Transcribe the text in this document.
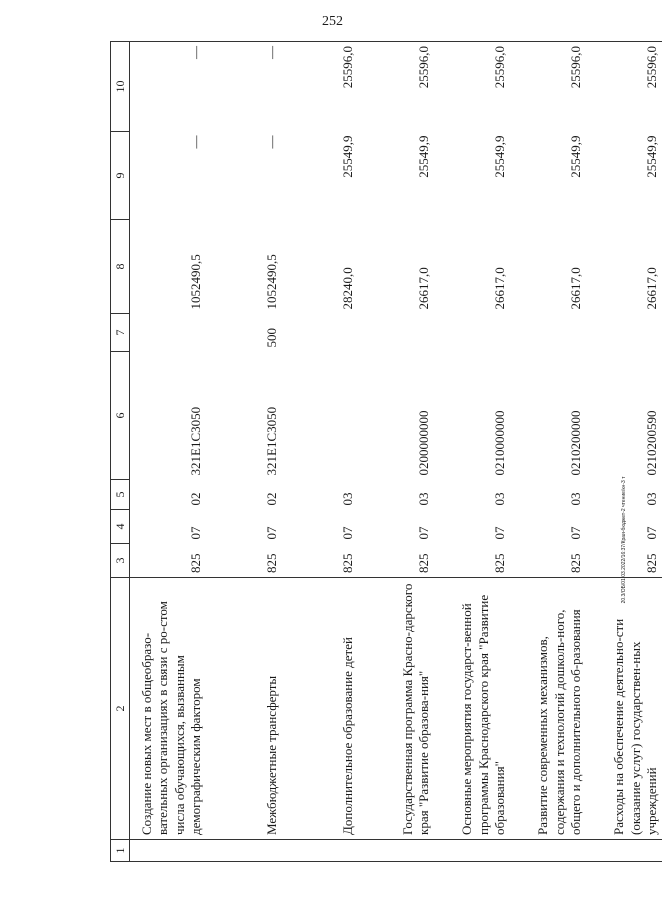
252
20.3/OБ/01.03.2022/16:37/Краи-бюджет-2 чтение/кн-3 т
1	2	3	4	5	6	7	8	9	10
	Создание новых мест в общеобразо-вательных организациях в связи с ро-стом числа обучающихся, вызванным демографическим фактором	825	07	02	321E1С3050		1052490,5	—	—
	Межбюджетные трансферты	825	07	02	321E1С3050	500	1052490,5	—	—
	Дополнительное образование детей	825	07	03			28240,0	25549,9	25596,0
	Государственная программа Красно-дарского края "Развитие образова-ния"	825	07	03	0200000000		26617,0	25549,9	25596,0
	Основные мероприятия государст-венной программы Краснодарского края "Развитие образования"	825	07	03	0210000000		26617,0	25549,9	25596,0
	Развитие современных механизмов, содержания и технологий дошколь-ного, общего и дополнительного об-разования	825	07	03	0210200000		26617,0	25549,9	25596,0
	Расходы на обеспечение деятельно-сти (оказание услуг) государствен-ных учреждений	825	07	03	0210200590		26617,0	25549,9	25596,0
